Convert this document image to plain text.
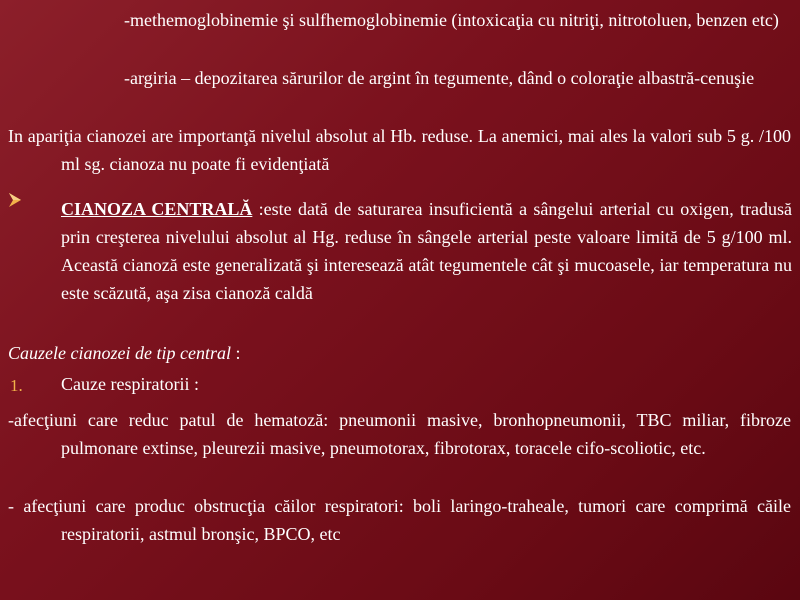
-methemoglobinemie şi sulfhemoglobinemie (intoxicaţia cu nitriţi, nitrotoluen, benzen etc)
-argiria – depozitarea sărurilor de argint în tegumente, dând o coloraţie albastră-cenuşie
In apariţia cianozei are importanţă nivelul absolut al Hb. reduse. La anemici, mai ales la valori sub 5 g. /100 ml sg. cianoza nu poate fi evidenţiată
CIANOZA CENTRALĂ :este dată de saturarea insuficientă a sângelui arterial cu oxigen, tradusă prin creşterea nivelului absolut al Hg. reduse în sângele arterial peste valoare limită de 5 g/100 ml. Această cianoză este generalizată şi interesează atât tegumentele cât şi mucoasele, iar temperatura nu este scăzută, aşa zisa cianoză caldă
Cauzele cianozei de tip central :
1. Cauze respiratorii :
-afecţiuni care reduc patul de hematoză: pneumonii masive, bronhopneumonii, TBC miliar, fibroze pulmonare extinse, pleurezii masive, pneumotorax, fibrotorax, toracele cifo-scoliotic, etc.
- afecţiuni care produc obstrucţia căilor respiratori: boli laringo-traheale, tumori care comprimă căile respiratorii, astmul bronşic, BPCO, etc
